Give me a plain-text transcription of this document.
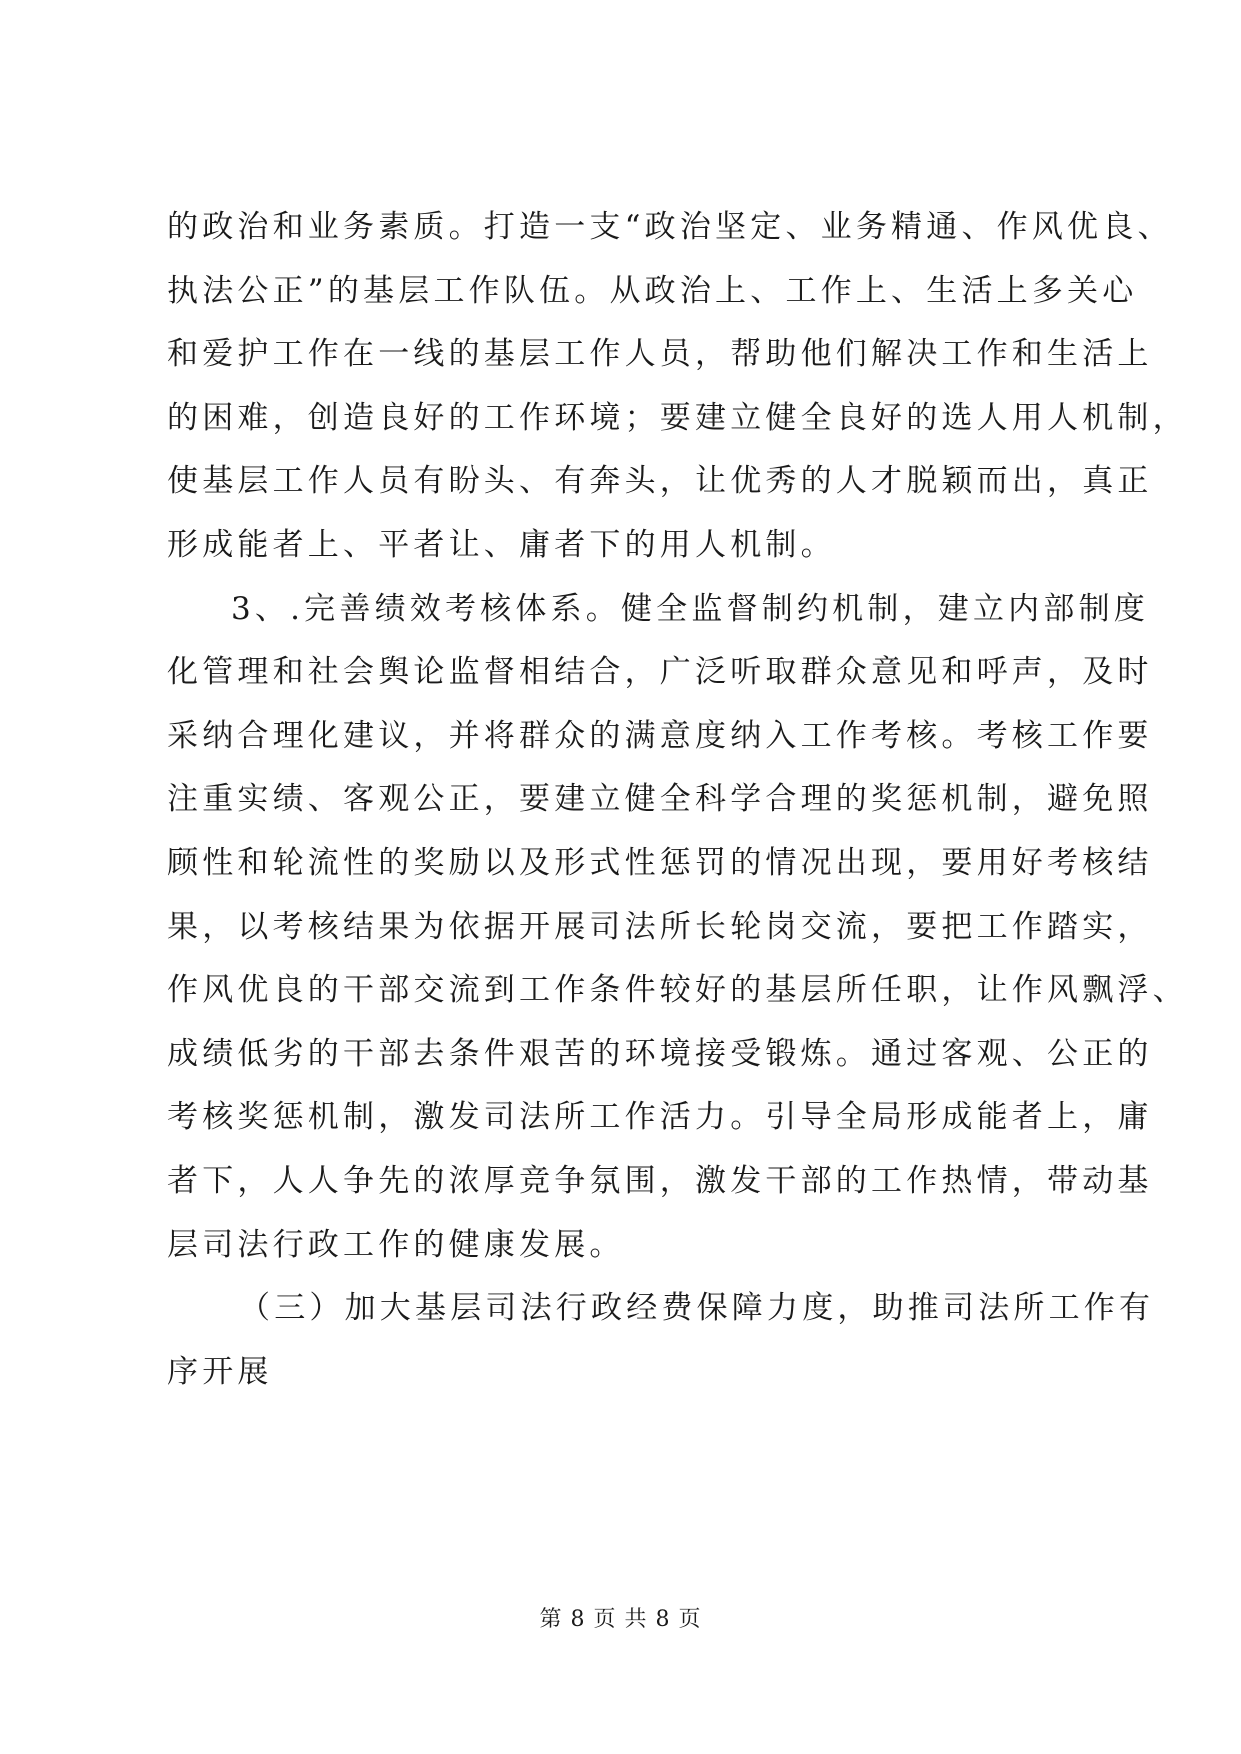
的政治和业务素质。打造一支“政治坚定、业务精通、作风优良、
执法公正”的基层工作队伍。从政治上、工作上、生活上多关心
和爱护工作在一线的基层工作人员，帮助他们解决工作和生活上
的困难，创造良好的工作环境；要建立健全良好的选人用人机制，
使基层工作人员有盼头、有奔头，让优秀的人才脱颖而出，真正
形成能者上、平者让、庸者下的用人机制。
3、.完善绩效考核体系。健全监督制约机制，建立内部制度
化管理和社会舆论监督相结合，广泛听取群众意见和呼声，及时
采纳合理化建议，并将群众的满意度纳入工作考核。考核工作要
注重实绩、客观公正，要建立健全科学合理的奖惩机制，避免照
顾性和轮流性的奖励以及形式性惩罚的情况出现，要用好考核结
果，以考核结果为依据开展司法所长轮岗交流，要把工作踏实，
作风优良的干部交流到工作条件较好的基层所任职，让作风飘浮、
成绩低劣的干部去条件艰苦的环境接受锻炼。通过客观、公正的
考核奖惩机制，激发司法所工作活力。引导全局形成能者上，庸
者下，人人争先的浓厚竞争氛围，激发干部的工作热情，带动基
层司法行政工作的健康发展。
（三）加大基层司法行政经费保障力度，助推司法所工作有
序开展
第 8 页 共 8 页
